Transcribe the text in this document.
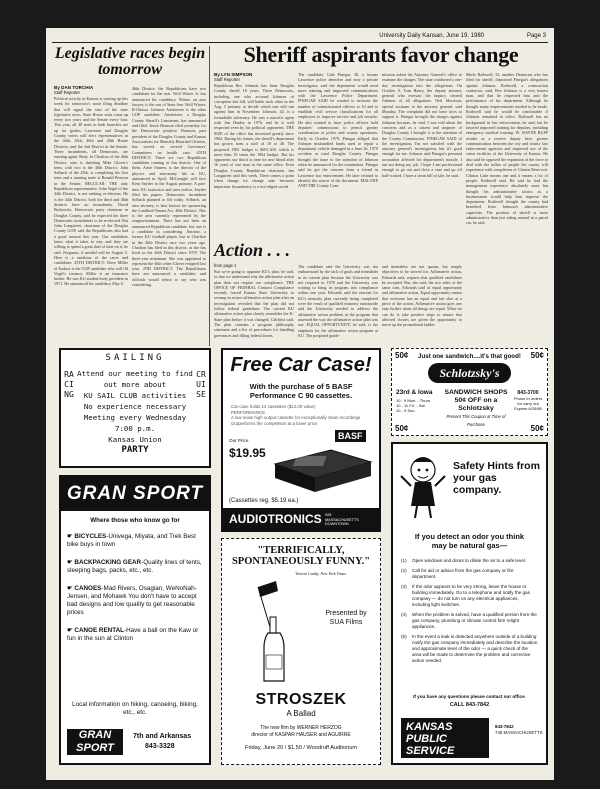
University Daily Kansan, June 19, 1980	Page 3
Legislative races begin tomorrow
By DAN TORCHIA
Staff Reporter
Political activity in Kansas is starting up this week for tomorrow's noon filing deadline that will signal the start of the state legislative races. State House seats come up every two years and the Senate every four. This year, all 40 seats in both branches are up for grades. Lawrence and Douglas County voters will elect representatives in the 44th, 45th, 46th and 48th House Districts, and the 2nd District in the Senate. Three incumbents, all Democrats, are running again: Betty Jo Charlton of the 46th District, who is finishing Mike Glover's term; with two is the 46th District; John Solbach of the 45th, is completing his first term and a running mate is Ronald Pearson in the Senate. REGULAR: THE only Republican representative, John Vogel of the 44th District, is not seeking re-election. He is the 44th District, both the third and 46th districts have no incumbents. David Berkowitz, Democratic party chairman in Douglas County, said he expected the three Democratic incumbents to be re-elected. But John Longstreet, chairman of the Douglas County GOP, said the Republicans also had a good turnout this year. Our candidates know what it takes to win, and they are willing to spend a great deal of time on it, he said. Ferguson, if needed will be August 5. Here is a rundown of the races and candidates: 45TH DISTRICT: Dave Miller of Eudora is the GOP candidate who will fill Vogel's vacancy. Miller is an insurance broker. He was KU student body president in 1971. He announced his candidacy May 6.
46th District: the Republicans have two candidates for the seat. Woll Winter Jr. has announced his candidacy. Winter, an area lawyer, is the son of State Sen. Woll Winter, R-Ottawa. Johnson Armbrister is the other GOP candidate. Armbrister, a Douglas County Sheriff's Lieutenant, has announced and filed. Jessie Branson filed yesterday for the Democratic position. Branson, past president of the Douglas County and Kansas Associations for Mentally Retarded Citizens, has served on several Governors' Committees on health care. 45TH DISTRICT: There are two Republican candidates running in this district. One of them, Arnie Sinnen, is the director of the physics and astronomy lab at KU, announced in April. McGonigle will face Kent Snyder in the August primary. A part-time KU instructor and area realtor, Snyder filed his papers. Democratic incumbent Solbach planned to file today. Solbach, an area attorney, is best known for sponsoring the Landlord-Tenant Act. 46th District: This is the area currently represented by the reapportionment. There has not been an announced Republican candidate, but one is a candidate in considering. Antonio, a former KU football player, lost to Charlton in the 46th District race two years ago. Charlton has filed in this district, as she has lived in the 46th District since 1978. The three-year minimum. She was appointed to represent the 46th when Glover resigned last year. 2ND DISTRICT: The Republicans have not announced a candidate, and officials would refuse to say who was considering.
Sheriff aspirants favor change
By LYN SIMPSON
Staff Reporter
Republican Rex Johnson has been Douglas County sheriff 16 years. Three Democrats, including one who accused Johnson of corruption last fall, will battle each other in the Aug. 5 primary to decide which one will run against him in November. Johnson, 42, is a formidable adversary. He was a narcotic agent with Jim Hanley in 1976, and he is well respected even by his political opponents. THE SIZE of the office has increased greatly since 1964. During his tenure, the sheriff's department has grown from a staff of 10 to 40. The proposed 1981 budget is $691,300, which is more than 19 times the 1964 budget. But his opponents say that it is time for new blood after 16 years of one man in the same office. Even Douglas County Republican chairman, Jim Longstreet said this week, There comes a point when change for change sake becomes important. Incumbency is a two-edged sword.
The candidate, Gale Pinegar, 38, a former Lawrence police detective and now a private investigator, said the department would need more training and improved communications with the Lawrence Police Department. PINEGAR SAID he wanted to increase the number of commissioned officers to 10 and to establish civil service classifications for all employees to improve service and job security. He also wanted to have police officers hold deputies' commissions to permit greater coordination of police and county operations. Early in October 1979, Pinegar alleged that Johnson mishandled funds used to repair a department vehicle damaged in a June 26, 1979 accident at rural Douglas County. Pinegar brought the issue to the attention of Johnson when he announced for the nomination. Pinegar said he got the concern from a friend in Lawrence law enforcement. He later refused to identify the source of the document. MALONE AND THE County Com-
mission asked the Attorney General's office to examine the charges. The state conducted a one-day investigation into the allegations. On October 9, Tom Hanry, the deputy attorney general who oversaw the inquiry, cleared Johnson of all allegations. Neil Morrison, special assistant to the attorney general, said Monday, The complaint did not have facts to support it. Pinegar brought the charges against Johnson because, he said, I was told about the concerns and as a citizen and taxpayer of Douglas County I brought it to the attention of the County Commission. PINEGAR SAID of the investigation, I'm not satisfied with the attorney general's investigation, but it's good enough for me. Johnson said Pinegar's personal accusation affected his department's morale. I am not doing my job. I hope I am professional enough to go out and close a case and go off half-cocked. I have a clean bill of sale, he said.
Merle Rothwell, 33, another Democrat who has filed for sheriff, dismissed Pinegar's allegations against Johnson. Rothwell, a construction contractor, said, Rex Johnson is a very honest man, and that he respected him and the performance of his department. Although he thought many improvements needed to be made, Rothwell said he would be comfortable if Johnson remained in office. Rothwell has no background in law enforcement, he said, but he favored improved training for deputies, including emergency medical training. W. WAYNE RUFF resides as a reserve deputy here, greater communication between the city and county law enforcement agencies and improved use of the crime facilities of the University of Kansas. He also said he opposed the expansion of the force to deal with the influx of people the county will experience with completion of Clinton Reservoir. Clinton Lake means one and it means a lot of people, Rothwell said. He said he had the management experience absolutely none but thought his administrative tactics as a businessman would help him improve the department. Rothwell thought the county had benefited from Johnson's administrative capacities. The position of sheriff is more administrative than just riding around in a patrol car, he said.
Action . . .
from page 1
But we're going to appraise KU's plan, he said, so that we understand why the affirmative action plan does not require our compliance. THE OFFICE OF FEDERAL Contract Compliance recently forced Kansas State University to revamp its minor affirmative action plan after an investigation revealed that the plan did not follow federal guidelines. The current KU affirmative action plan closely resembles the K-State plan before it was changed, Gilchrist said. The plan contains a program philosophy statement and a list of procedures for handling grievances and filling federal forms.
The candidate said the University was not embarrassed by the lack of goals and timetables in its current plan because the University was not required in 1978 and the University was waiting to bring its program into compliance within one year. Edwards said the reasons for KU's minority plan currently being completed were the result of qualified minority nationwide and the University needed to address the affirmative action problem in the program that assessed the way the affirmative action plan was run. EQUAL OPPORTUNITY, he said, is the emphasis for the affirmative action program at KU. The proposed guide-
and timetables are not quotas, but simply objectives to be strived for. Affirmative action, Edwards said, requires that qualified candidates be accepted. But, she said, the two sides of the same coin. Edwards said of equal opportunity and affirmative action, Equal opportunity means that everyone has an equal and fair shot at a piece of the action. Affirmative action goes one step further when all things are equal. What we can do is take positive steps to ensure that affected classes are given the opportunity to move up the promotional ladder.
SAILING
RACING
CRUISE
Attend our meeting to find
out more about
KU SAIL CLUB activities
No experience necessary
Meeting every Wednesday
7:00 p.m.
Kansas Union
PARTY
GRAN SPORT
Where those who know go for
☛ BICYCLES-Univega, Miyata, and Trek Best bike buys in town
☛ BACKPACKING GEAR-Quality lines of tents, sleeping bags, packs, etc., etc.
☛ CANOES-Mad Rivers, Osagian, WeNoNah-Jensen, and Mohawk You don't have to accept bad designs and low quality to get reasonable prices
☛ CANOE RENTAL-Have a ball on the Kaw or fun in the sun at Clinton
Local information on hiking, canoeing, biking, etc., etc.
GRAN SPORT
7th and Arkansas
843-3328
Free Car Case!
With the purchase of 5 BASF
Performance C 90 cassettes.
Car case holds 12 cassettes ($12.00 value)
PERFORMANCE
A low noise high output cassette for exceptionally clean recordings
Outperforms the competition at a lower price
Our Price
$19.95
BASF
(Cassettes reg. $5.19 ea.)
AUDIOTRONICS 928 MASSACHUSETTS DOWNTOWN
"TERRIFICALLY, SPONTANEOUSLY FUNNY."
Vincent Canby, New York Times
Presented by SUA Films
STROSZEK
A Ballad
The new film by WERNER HERZOG
director of KASPAR HAUSER and AGUIRRE
Friday, June 20 / $1.50 / Woodruff Auditorium
50¢	50¢
Just one sandwich....it's that good!
Schlotzsky's
23rd & Iowa
10 - 9 Mon. - Thurs.
10 - 11 Fri. - Sat.
10 - 9 Sun.
SANDWICH SHOPS
50¢ OFF on a Schlotzsky
Present This Coupon at Time of Purchase
843-3700
Phone in orders for carry out
Expires 6/26/80
50¢	50¢
Safety Hints from your gas company.
If you detect an odor you think may be natural gas—
(1)	Open windows and doors to dilute the air to a safe level.
(2)	Call for aid or advice from the gas company or fire department.
(3)	If the odor appears to be very strong, leave the house or building immediately. Go to a telephone and notify the gas company — do not turn on any electrical appliances, including light switches.
(4)	When the problem is solved, have a qualified person from the gas company, plumbing or climate control firm relight appliances.
(5)	In the event a leak is detected anywhere outside of a building notify the gas company immediately and describe the location and approximate level of the odor — a quick check of the area will be made to determine the problem and corrective action needed.
If you have any questions please contact our office.
CALL 843-7842
KANSAS PUBLIC SERVICE
843-7842
745 MASSACHUSETTS
